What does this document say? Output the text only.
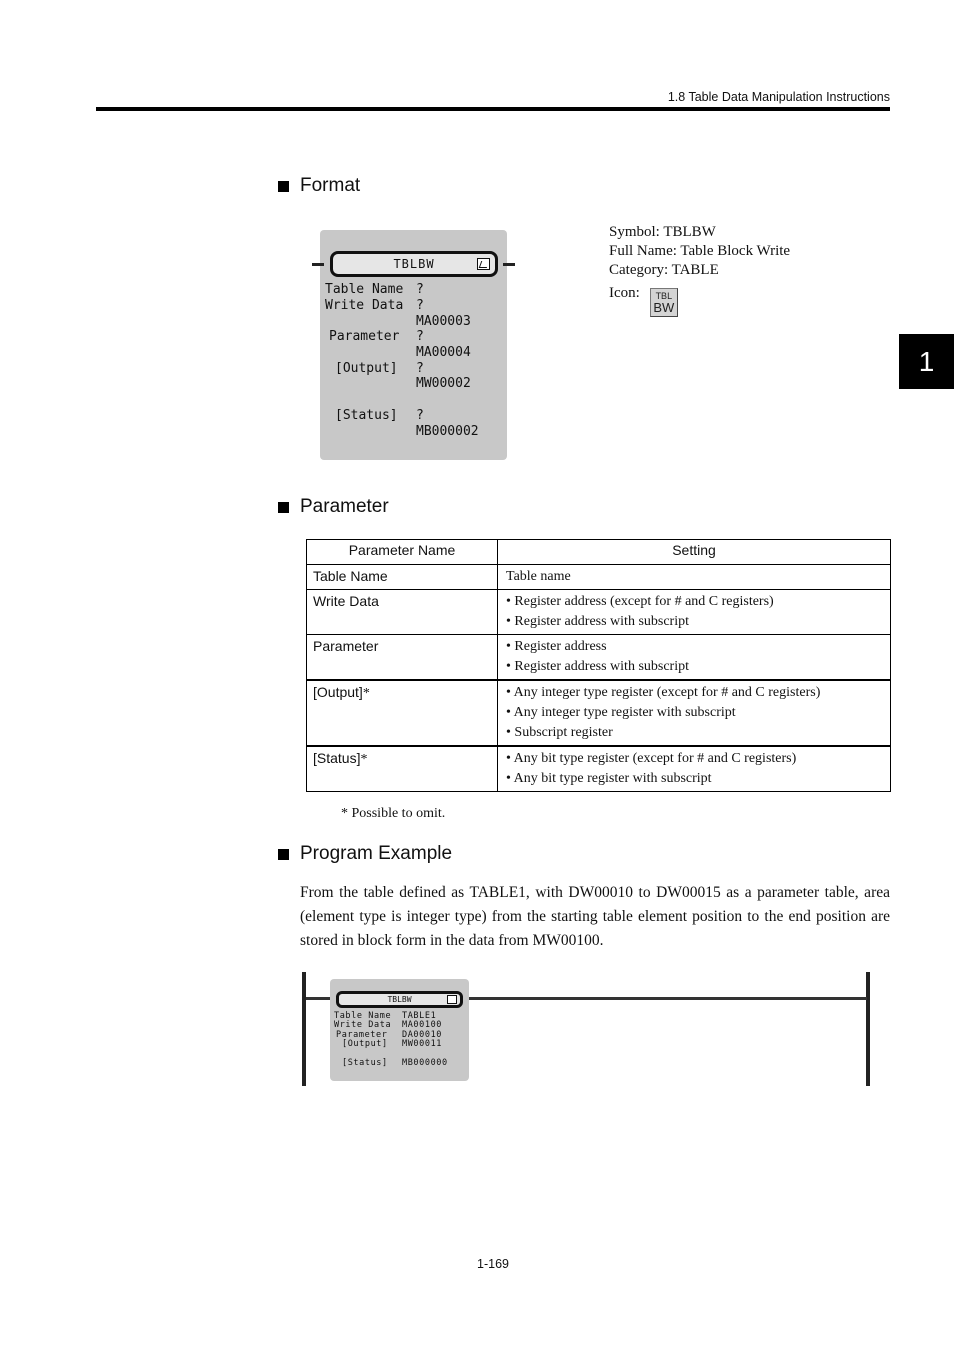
1.8 Table Data Manipulation Instructions
1
Format
TBLBW
Table Name ?
Write Data ?
MA00003
Parameter ?
MA00004
[Output] ?
MW00002
[Status] ?
MB000002
Symbol: TBLBW
Full Name: Table Block Write
Category: TABLE
Icon:	TBL
BW
Parameter
Parameter Name	Setting
Table Name	Table name

Write Data	• Register address (except for # and C registers)
• Register address with subscript

Parameter	• Register address
• Register address with subscript

[Output]*	• Any integer type register (except for # and C registers)
• Any integer type register with subscript
• Subscript register

[Status]*	• Any bit type register (except for # and C registers)
• Any bit type register with subscript
* Possible to omit.
Program Example
From the table defined as TABLE1, with DW00010 to DW00015 as a parameter table, area (element type is integer type) from the starting table element position to the end position are stored in block form in the data from MW00100.
TBLBW
Table Name TABLE1
Write Data MA00100
Parameter DA00010
[Output] MW00011
[Status] MB000000
1-169
